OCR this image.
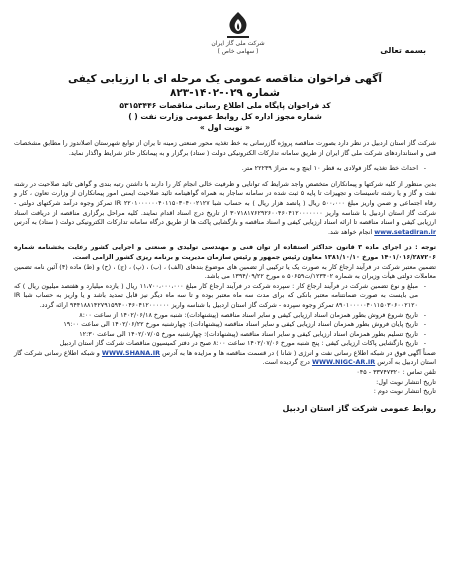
شرکت ملی گاز ایران
( سهامی خاص )	بسمه تعالی
آگهی فراخوان مناقصه عمومی یک مرحله ای با ارزیابی کیفی
شماره ۰۲۹-۱۴۰۲-۸۲۳
کد فراخوان پایگاه ملی اطلاع رسانی مناقصات ۵۳۱۵۳۴۴۶
شماره مجوز اداره کل روابط عمومی وزارت نفت ( )
« نوبت اول »

شرکت گاز استان اردبیل در نظر دارد بصورت مناقصه پروژه گازرسانی به خط تغذیه محور صنعتی زمینه تا یران از توابع شهرستان اصلاندوز را مطابق مشخصات فنی و استانداردهای شرکت ملی گاز ایران از طریق سامانه تدارکات الکترونیکی دولت ( ستاد) برگزار و به پیمانکار حائز شرایط واگذار نماید.

- احداث خط تغذیه گاز فولادی به قطر ۱۰ اینچ و به متراژ ۲۲۲۳۹ متر.

بدین منظور از کلیه شرکتها و پیمانکاران متخصص واجد شرایط که توانایی و ظرفیت خالی انجام کار را دارند با داشتن رتبه بندی و گواهی تائید صلاحیت در رشته نفت و گاز و یا رشته تاسیسات و تجهیزات تا پایه ۵ ثبت شده در سامانه ساجار به همراه گواهینامه تائید صلاحیت ایمنی امور پیمانکاران از وزارت تعاون ، کار و رفاه اجتماعی و ضمن واریز مبلغ ۵۰۰،۰۰۰ ریال ( پانصد هزار ریال ) به حساب شبا IR ۲۲۰۱۰۰۰۰۰۰۴۰۱۱۵۰۳۰۴۰۰۲۱۲۷ تمرکز وجوه درآمد شرکتهای دولتی - شرکت گاز استان اردبیل با شناسه واریز ۳۰۷۱۸۱۷۶۲۹۲۶۰۰۴۶۰۴۱۲۰۰۰۰۰۰۰ از تاریخ درج اسناد اقدام نمایند. کلیه مراحل برگزاری مناقصه از دریافت اسناد ارزیابی کیفی و اسناد مناقصه تا ارائه اسناد ارزیابی کیفی و اسناد مناقصه و بازگشایی پاکت ها از طریق درگاه سامانه تدارکات الکترونیکی دولت ( ستاد) به آدرس www.setadiran.ir انجام خواهد شد.

توجه : در اجرای ماده ۳ قانون حداکثر استفاده از توان فنی و مهندسی تولیدی و صنعتی و اجرایی کشور رعایت بخشنامه شماره ۱۴۰۱/۰۱۶/۲۸۷۲۰۶ مورخ ۱۳۸۱/۱۰/۱۰ معاون رئیس جمهور و رئیس سازمان مدیریت و برنامه ریزی کشور الزامی است.

تضمین معتبر شرکت در فرآیند ارجاع کار به صورت یک یا ترکیبی از تضمین های موضوع بندهای (الف) ، (ب) ، (پ) ، (ج) ، (ح) و (ط) ماده (۴) آئین نامه تضمین معاملات دولتی هیأت وزیران به شماره ۱۲۳۴۰۲/ت۵۰۶۵۹ ه مورخ ۱۳۹۴/۰۹/۲۲ می باشد.

- مبلغ و نوع تضمین شرکت در فرآیند ارجاع کار : سپرده شرکت در فرآیند ارجاع کار مبلغ ۱۱،۷۰۰،۰۰۰،۰۰۰ ریال ( یازده میلیارد و هفتصد میلیون ریال ) که می بایست به صورت ضمانتنامه معتبر بانکی که برای مدت سه ماه معتبر بوده و تا سه ماه دیگر نیز قابل تمدید باشد و یا واریز به حساب شبا IR ۸۹۰۱۰۰۰۰۰۴۰۱۱۵۰۳۰۶۰۰۲۱۲۰ تمرکز وجوه سپرده - شرکت گاز استان اردبیل با شناسه واریز ۹۴۴۱۸۸۱۴۲۷۹۱۵۹۴۰۰۴۶۰۴۱۲۰۰۰۰۰۰ ارائه گردد.
- تاریخ شروع فروش بطور همزمان اسناد ارزیابی کیفی و سایر اسناد مناقصه (پیشنهادات): شنبه مورخ ۱۴۰۲/۰۶/۱۸ از ساعت ۸:۰۰
- تاریخ پایان فروش بطور همزمان اسناد ارزیابی کیفی و سایر اسناد مناقصه (پیشنهادات): چهارشنبه مورخ ۱۴۰۲/۰۶/۲۲ الی ساعت ۱۹:۰۰
- تاریخ تسلیم بطور همزمان اسناد ارزیابی کیفی و سایر اسناد مناقصه (پیشنهادات): چهارشنبه مورخ ۱۴۰۲/۰۷/۰۵ الی ساعت ۱۲:۳۰
- تاریخ بازگشایی پاکات ارزیابی کیفی : پنج شنبه مورخ ۱۴۰۲/۰۷/۰۶ ساعت ۸:۰۰ صبح در دفتر کمیسیون مناقصات شرکت گاز استان اردبیل

ضمناً آگهی فوق در شبکه اطلاع رسانی نفت و انرژی ( شانا ) در قسمت مناقصه ها و مزایده ها به آدرس WWW.SHANA.IR و شبکه اطلاع رسانی شرکت گاز استان اردبیل به آدرس WWW.NIGC-AR.IR درج گردیده است.

تلفن تماس : ۳۳۷۴۷۳۲۰ - ۰۴۵

تاریخ انتشار نوبت اول:

تاریخ انتشار نوبت دوم :

روابط عمومی شرکت گاز استان اردبیل
